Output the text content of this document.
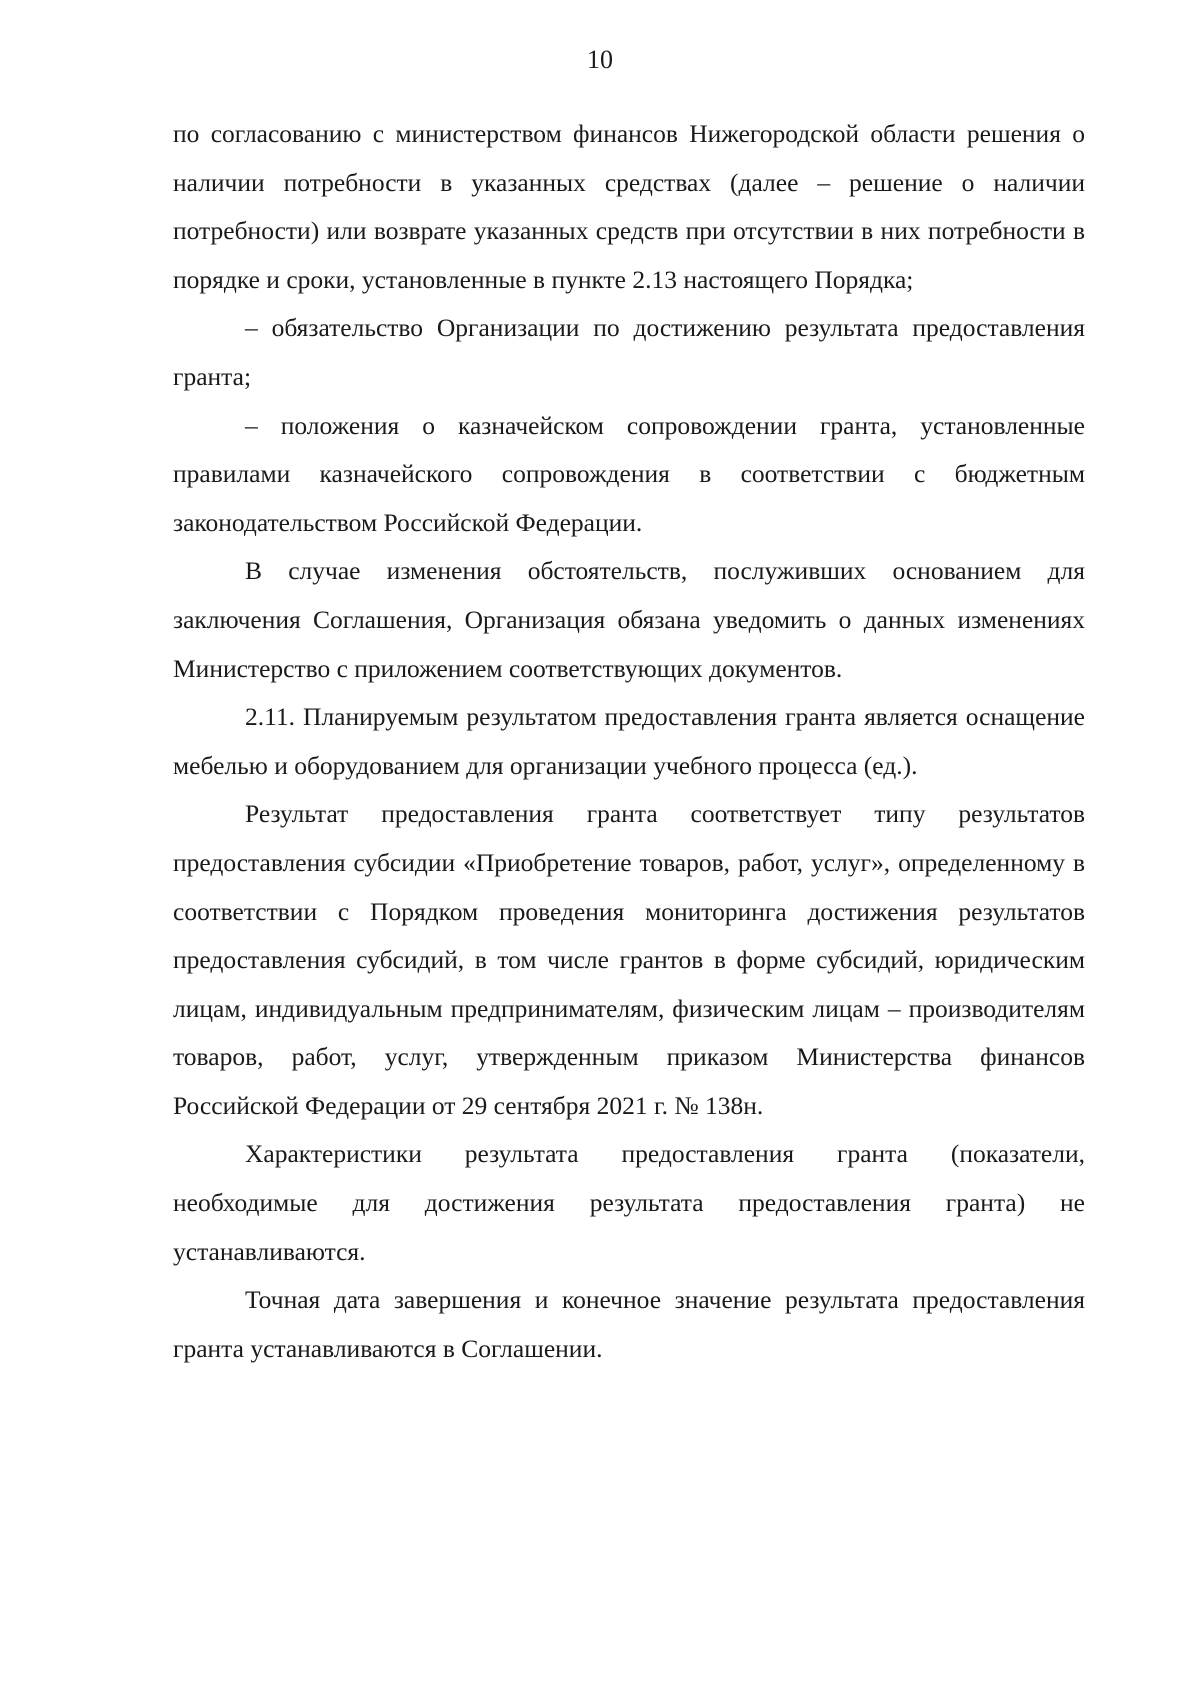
10

по согласованию с министерством финансов Нижегородской области решения о наличии потребности в указанных средствах (далее – решение о наличии потребности) или возврате указанных средств при отсутствии в них потребности в порядке и сроки, установленные в пункте 2.13 настоящего Порядка;

– обязательство Организации по достижению результата предоставления гранта;

– положения о казначейском сопровождении гранта, установленные правилами казначейского сопровождения в соответствии с бюджетным законодательством Российской Федерации.

В случае изменения обстоятельств, послуживших основанием для заключения Соглашения, Организация обязана уведомить о данных изменениях Министерство с приложением соответствующих документов.

2.11. Планируемым результатом предоставления гранта является оснащение мебелью и оборудованием для организации учебного процесса (ед.).

Результат предоставления гранта соответствует типу результатов предоставления субсидии «Приобретение товаров, работ, услуг», определенному в соответствии с Порядком проведения мониторинга достижения результатов предоставления субсидий, в том числе грантов в форме субсидий, юридическим лицам, индивидуальным предпринимателям, физическим лицам – производителям товаров, работ, услуг, утвержденным приказом Министерства финансов Российской Федерации от 29 сентября 2021 г. № 138н.

Характеристики результата предоставления гранта (показатели, необходимые для достижения результата предоставления гранта) не устанавливаются.

Точная дата завершения и конечное значение результата предоставления гранта устанавливаются в Соглашении.
